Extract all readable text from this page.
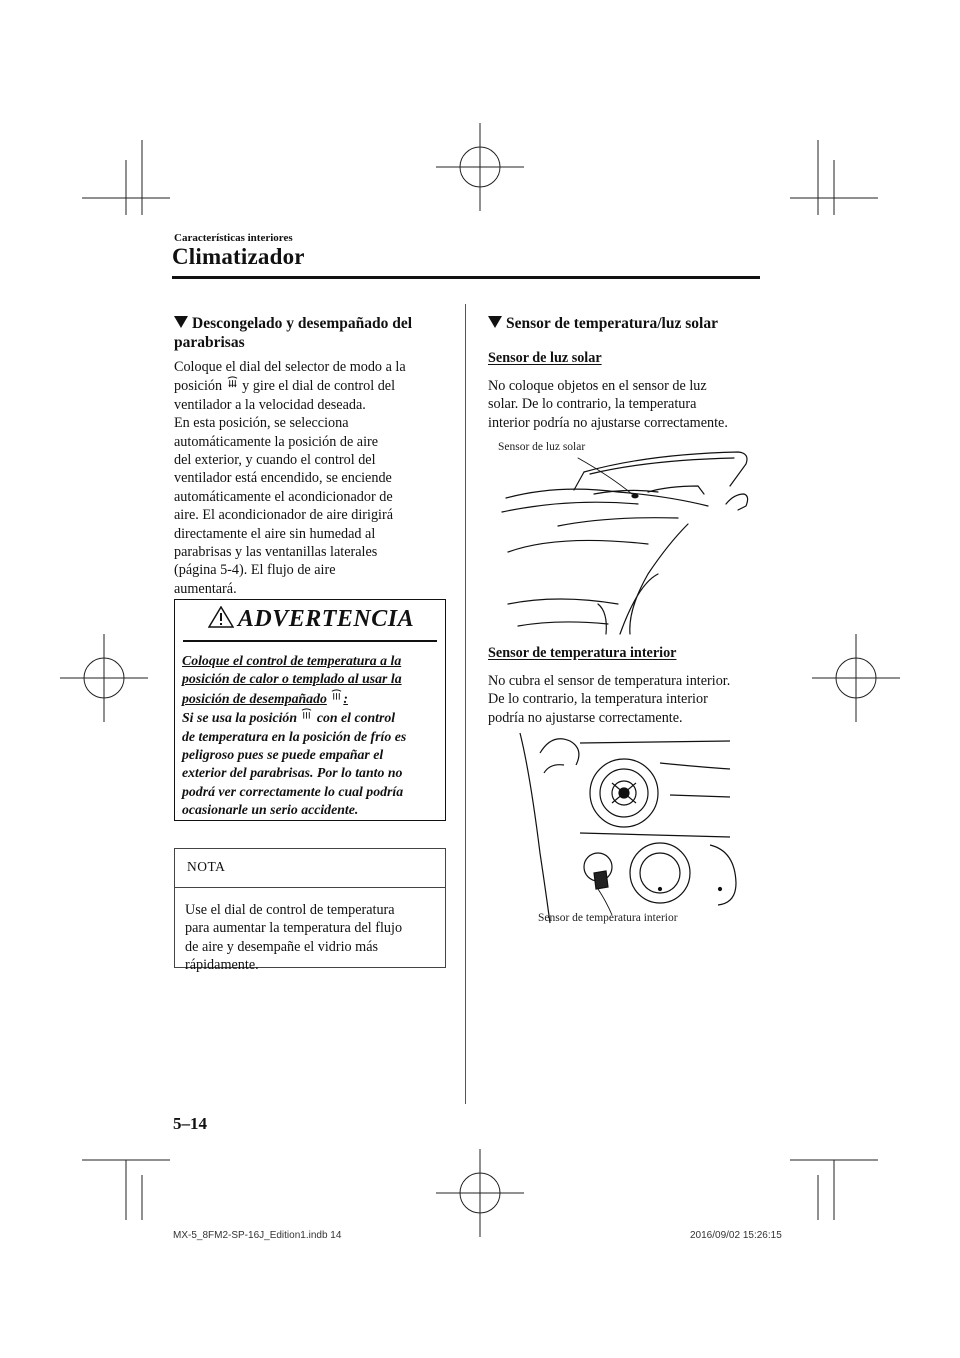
Características interiores
Climatizador
Descongelado y desempañado del parabrisas
Coloque el dial del selector de modo a la
posición y gire el dial de control del
ventilador a la velocidad deseada.
En esta posición, se selecciona
automáticamente la posición de aire
del exterior, y cuando el control del
ventilador está encendido, se enciende
automáticamente el acondicionador de
aire. El acondicionador de aire dirigirá
directamente el aire sin humedad al
parabrisas y las ventanillas laterales
(página 5-4). El flujo de aire
aumentará.
ADVERTENCIA
Coloque el control de temperatura a la
posición de calor o templado al usar la
posición de desempañado :
Si se usa la posición con el control
de temperatura en la posición de frío es
peligroso pues se puede empañar el
exterior del parabrisas. Por lo tanto no
podrá ver correctamente lo cual podría
ocasionarle un serio accidente.
NOTA
Use el dial de control de temperatura
para aumentar la temperatura del flujo
de aire y desempañe el vidrio más
rápidamente.
Sensor de temperatura/luz solar
Sensor de luz solar
No coloque objetos en el sensor de luz
solar. De lo contrario, la temperatura
interior podría no ajustarse correctamente.
Sensor de luz solar
Sensor de temperatura interior
No cubra el sensor de temperatura interior.
De lo contrario, la temperatura interior
podría no ajustarse correctamente.
Sensor de temperatura interior
5–14
MX-5_8FM2-SP-16J_Edition1.indb 14	2016/09/02 15:26:15
